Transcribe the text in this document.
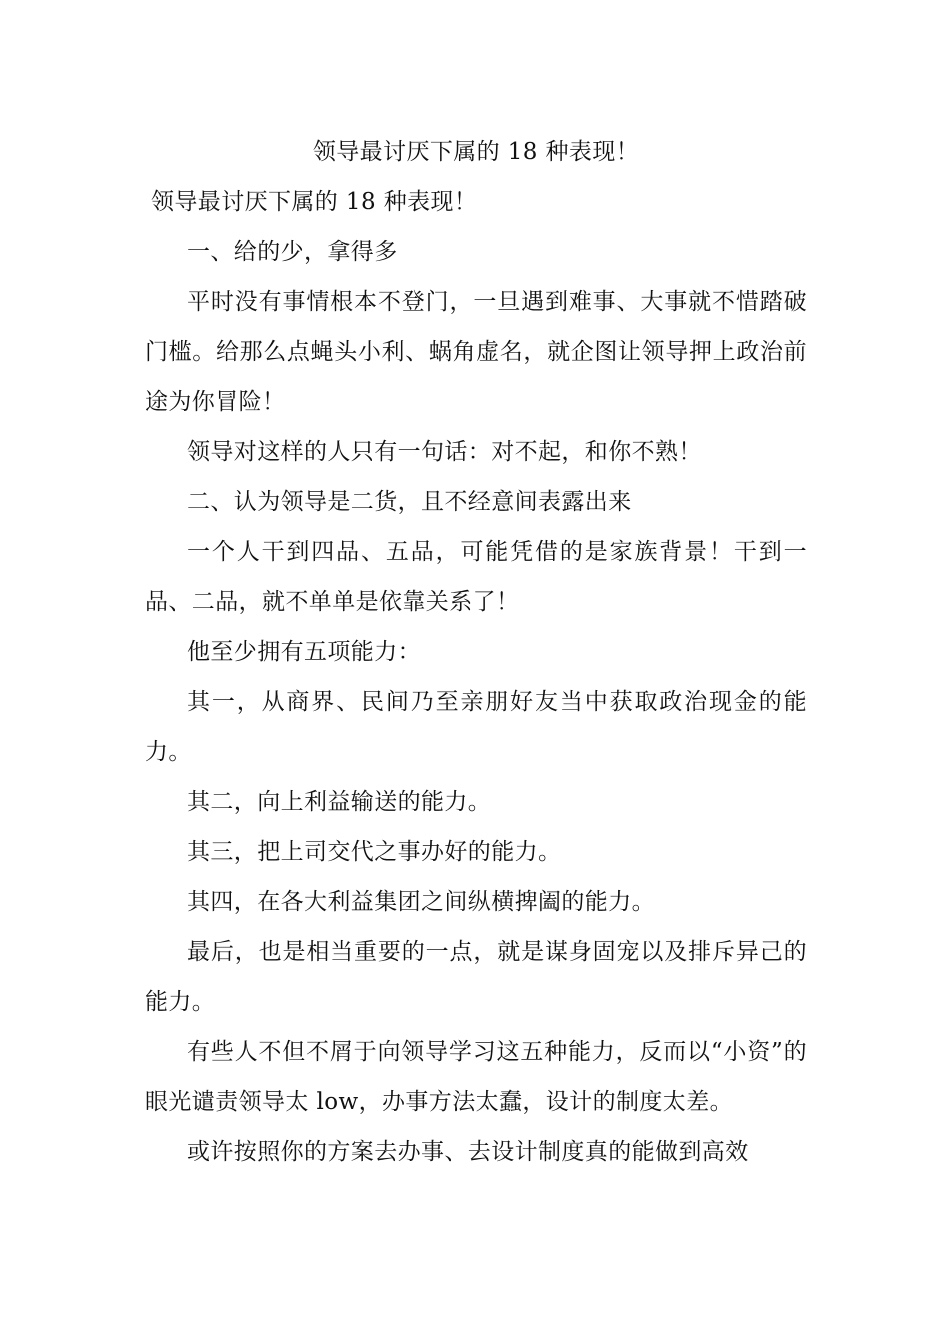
领导最讨厌下属的 18 种表现！

领导最讨厌下属的 18 种表现！

一、给的少，拿得多

平时没有事情根本不登门，一旦遇到难事、大事就不惜踏破门槛。给那么点蝇头小利、蜗角虚名，就企图让领导押上政治前途为你冒险！

领导对这样的人只有一句话：对不起，和你不熟！

二、认为领导是二货，且不经意间表露出来

一个人干到四品、五品，可能凭借的是家族背景！干到一品、二品，就不单单是依靠关系了！

他至少拥有五项能力：

其一，从商界、民间乃至亲朋好友当中获取政治现金的能力。

其二，向上利益输送的能力。

其三，把上司交代之事办好的能力。

其四，在各大利益集团之间纵横捭阖的能力。

最后，也是相当重要的一点，就是谋身固宠以及排斥异己的能力。

有些人不但不屑于向领导学习这五种能力，反而以“小资”的眼光谴责领导太 low，办事方法太蠢，设计的制度太差。

或许按照你的方案去办事、去设计制度真的能做到高效
